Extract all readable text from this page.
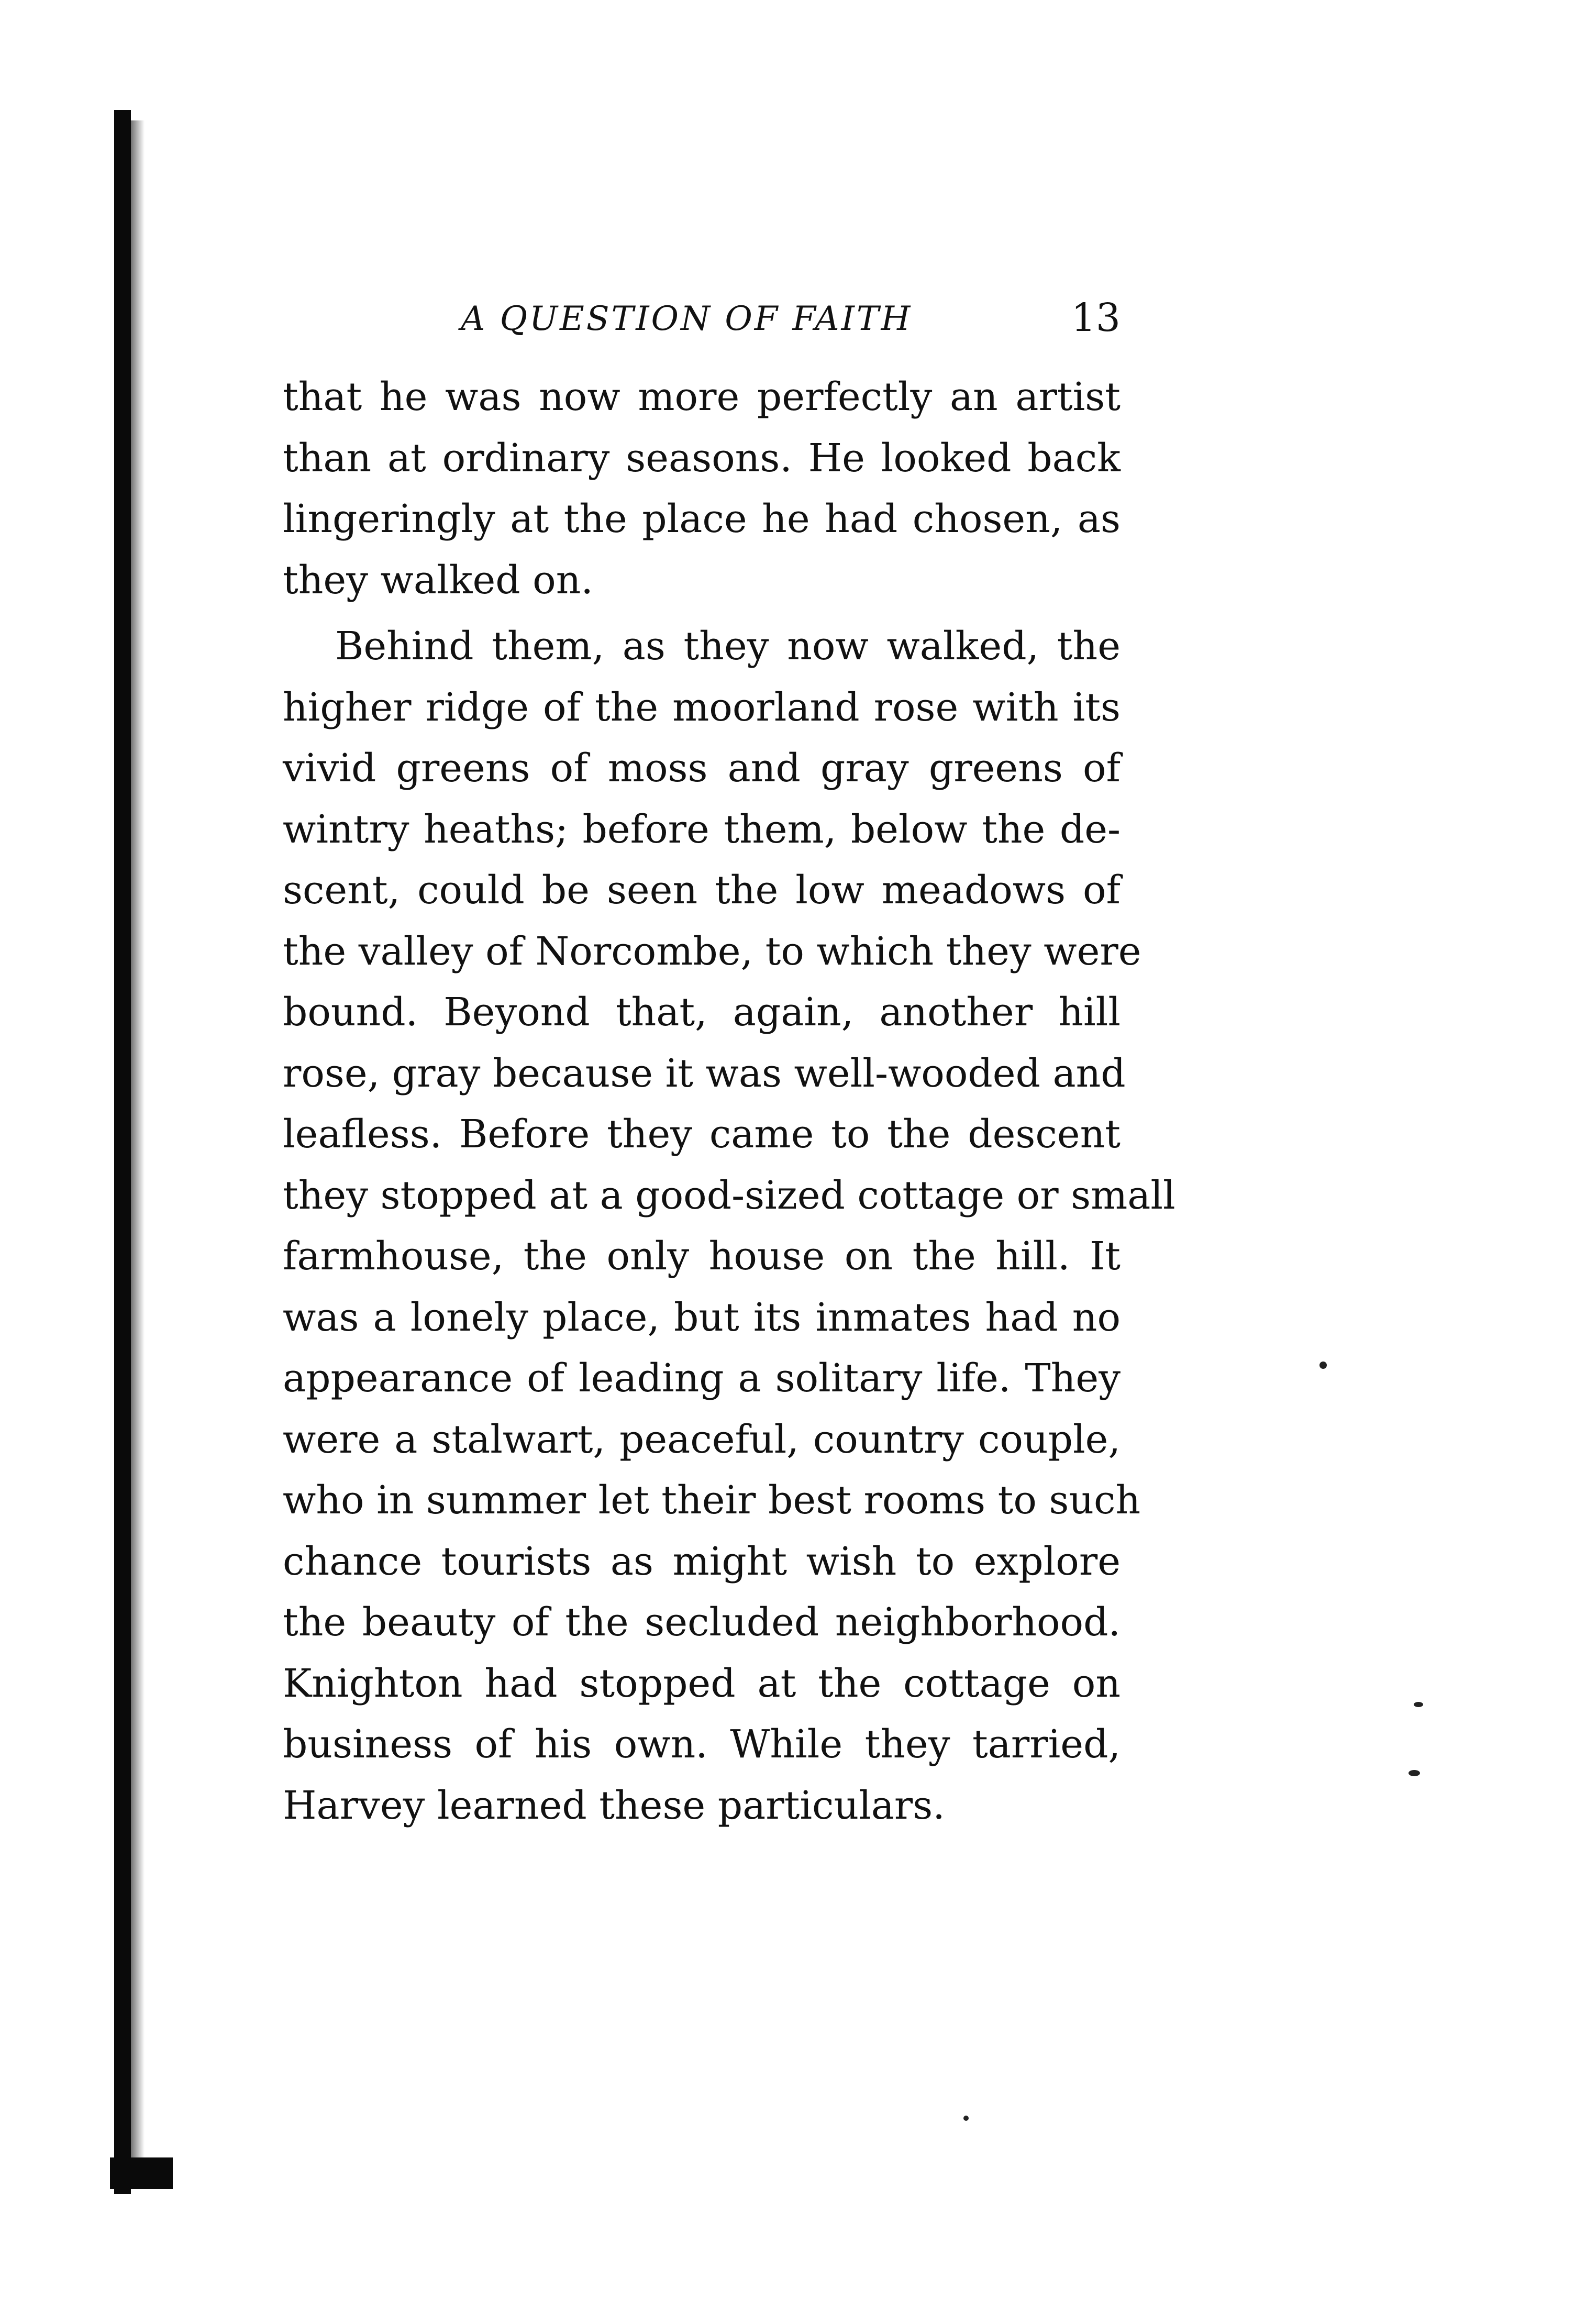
A QUESTION OF FAITH	13
that he was now more perfectly an artist
than at ordinary seasons. He looked back
lingeringly at the place he had chosen, as
they walked on.
Behind them, as they now walked, the
higher ridge of the moorland rose with its
vivid greens of moss and gray greens of
wintry heaths; before them, below the de-
scent, could be seen the low meadows of
the valley of Norcombe, to which they were
bound. Beyond that, again, another hill
rose, gray because it was well-wooded and
leafless. Before they came to the descent
they stopped at a good-sized cottage or small
farmhouse, the only house on the hill. It
was a lonely place, but its inmates had no
appearance of leading a solitary life. They
were a stalwart, peaceful, country couple,
who in summer let their best rooms to such
chance tourists as might wish to explore
the beauty of the secluded neighborhood.
Knighton had stopped at the cottage on
business of his own. While they tarried,
Harvey learned these particulars.
